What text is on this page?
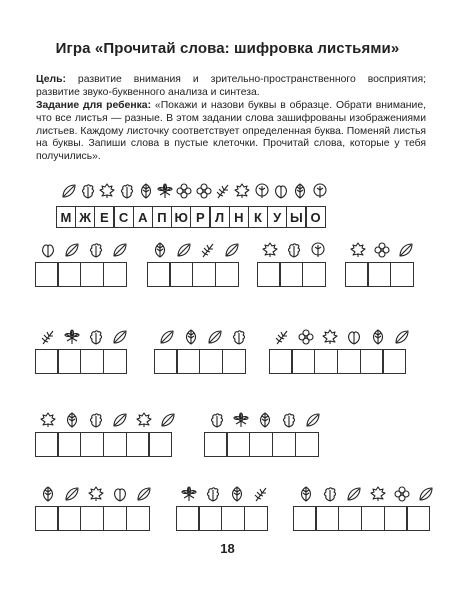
Игра «Прочитай слова: шифровка листьями»
Цель: развитие внимания и зрительно-пространственного восприятия; развитие звуко-буквенного анализа и синтеза.
Задание для ребенка: «Покажи и назови буквы в образце. Обрати внимание, что все листья — разные. В этом задании слова зашифрованы изображениями листьев. Каждому листочку соответствует определенная буква. Поменяй листья на буквы. Запиши слова в пустые клеточки. Прочитай слова, которые у тебя получились».
М Ж Е С А П Ю Р Л Н К У Ы О
18
